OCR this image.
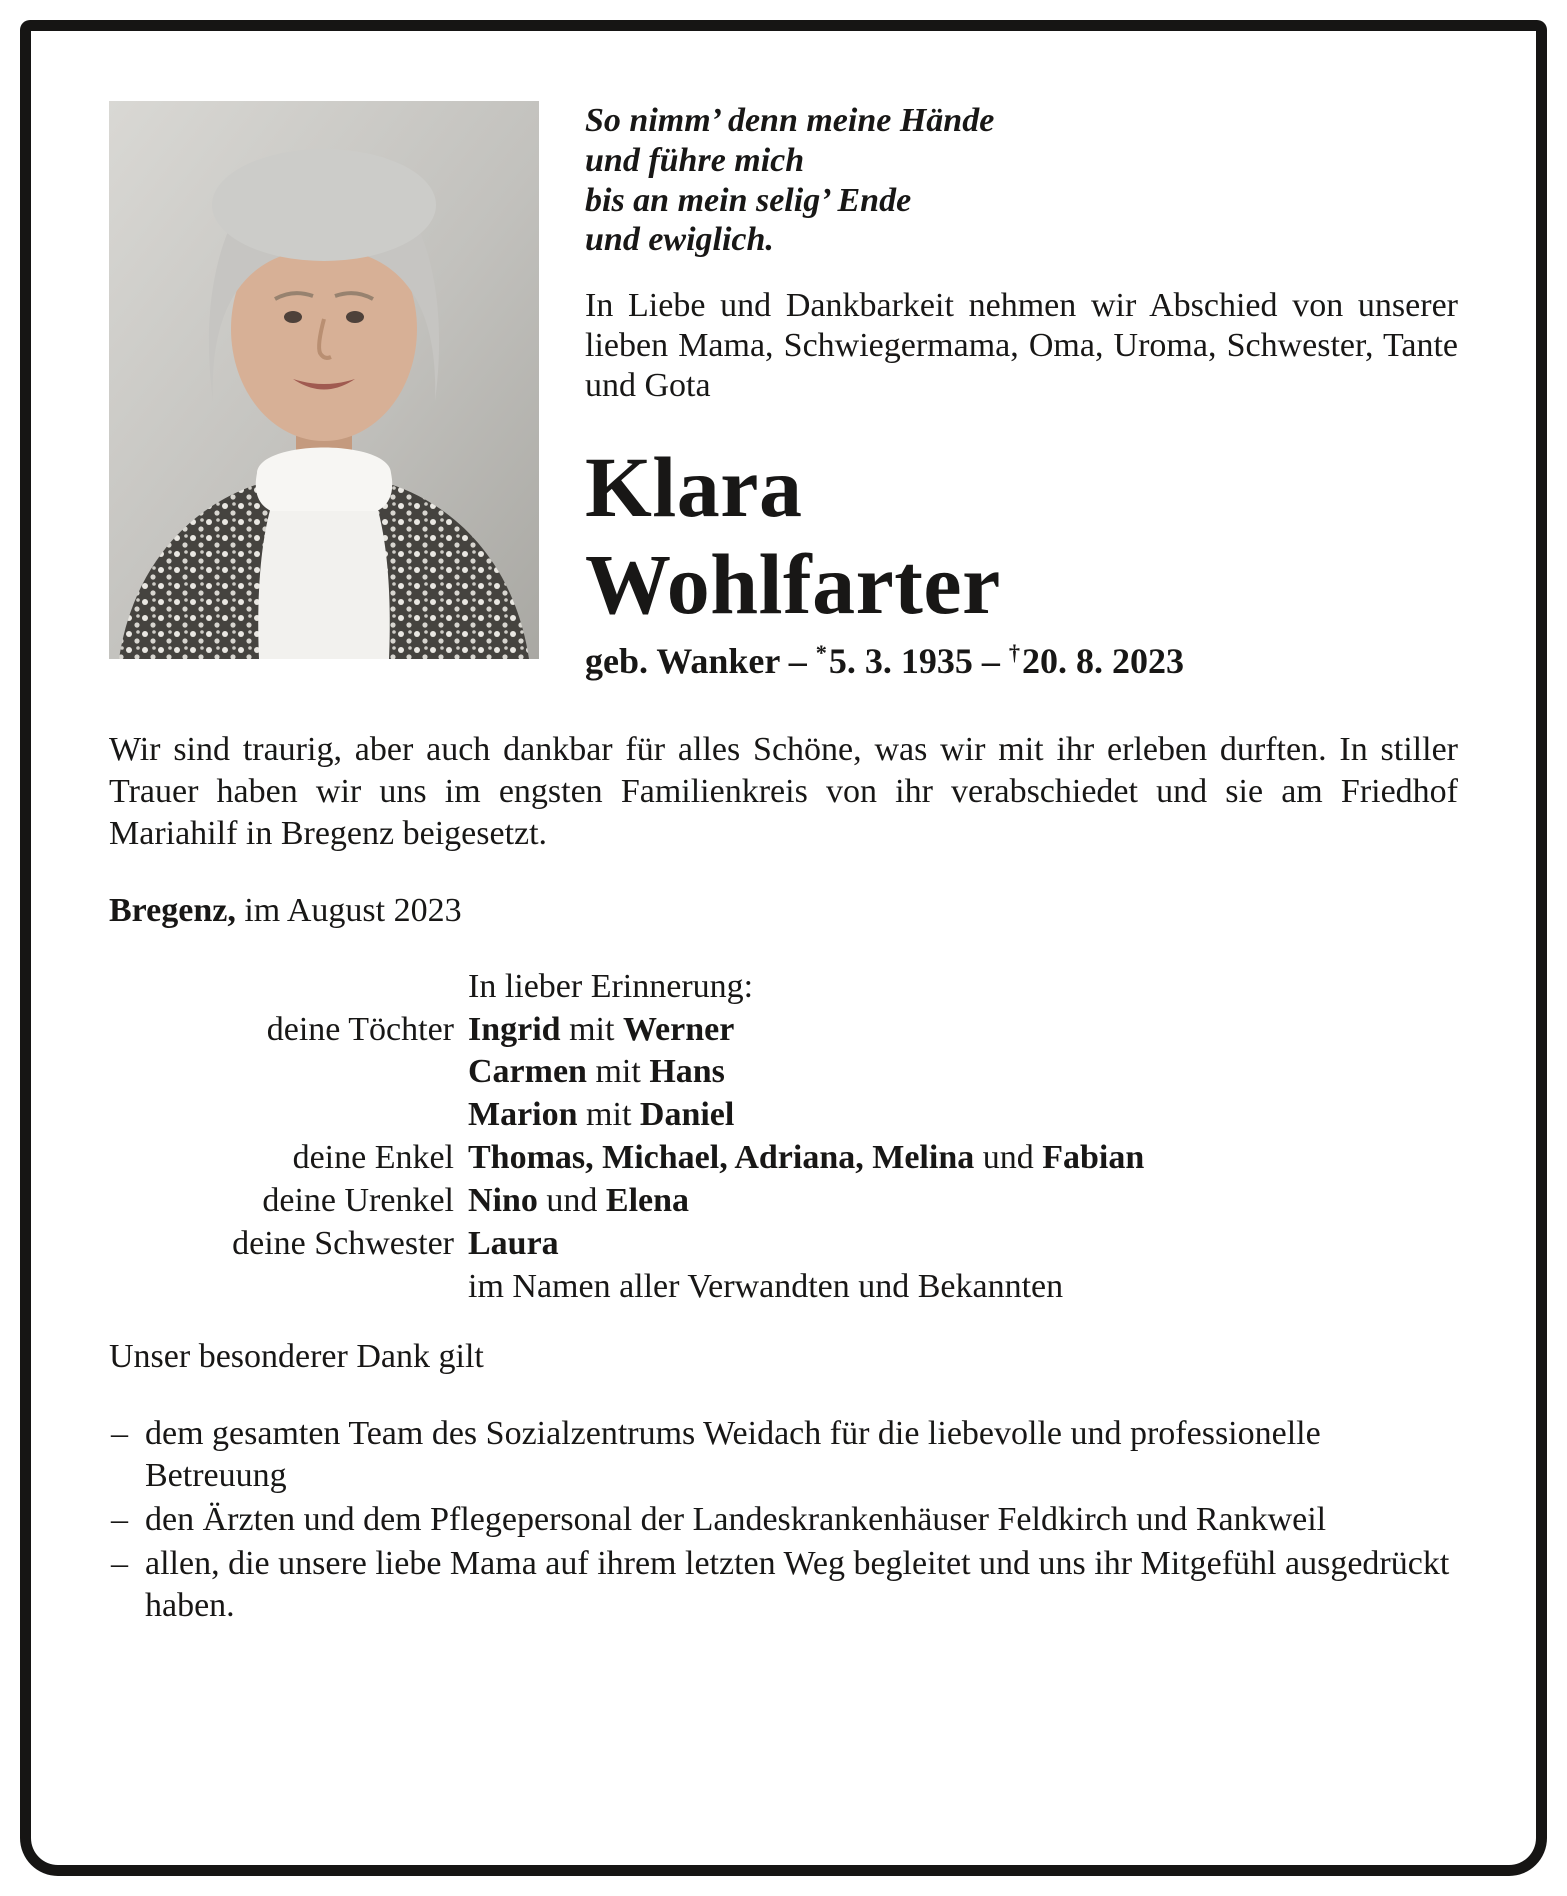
So nimm’ denn meine Hände
und führe mich
bis an mein selig’ Ende
und ewiglich.

In Liebe und Dankbarkeit nehmen wir Abschied von unserer lieben Mama, Schwiegermama, Oma, Uroma, Schwester, Tante und Gota

Klara
Wohlfarter
geb. Wanker – *5. 3. 1935 – †20. 8. 2023

Wir sind traurig, aber auch dankbar für alles Schöne, was wir mit ihr erleben durften. In stiller Trauer haben wir uns im engsten Familienkreis von ihr verabschiedet und sie am Friedhof Mariahilf in Bregenz beigesetzt.

Bregenz, im August 2023

In lieber Erinnerung:
deine Töchter Ingrid mit Werner
Carmen mit Hans
Marion mit Daniel
deine Enkel Thomas, Michael, Adriana, Melina und Fabian
deine Urenkel Nino und Elena
deine Schwester Laura
im Namen aller Verwandten und Bekannten

Unser besonderer Dank gilt

– dem gesamten Team des Sozialzentrums Weidach für die liebevolle und professionelle Betreuung
– den Ärzten und dem Pflegepersonal der Landeskrankenhäuser Feldkirch und Rankweil
– allen, die unsere liebe Mama auf ihrem letzten Weg begleitet und uns ihr Mitgefühl ausgedrückt haben.
